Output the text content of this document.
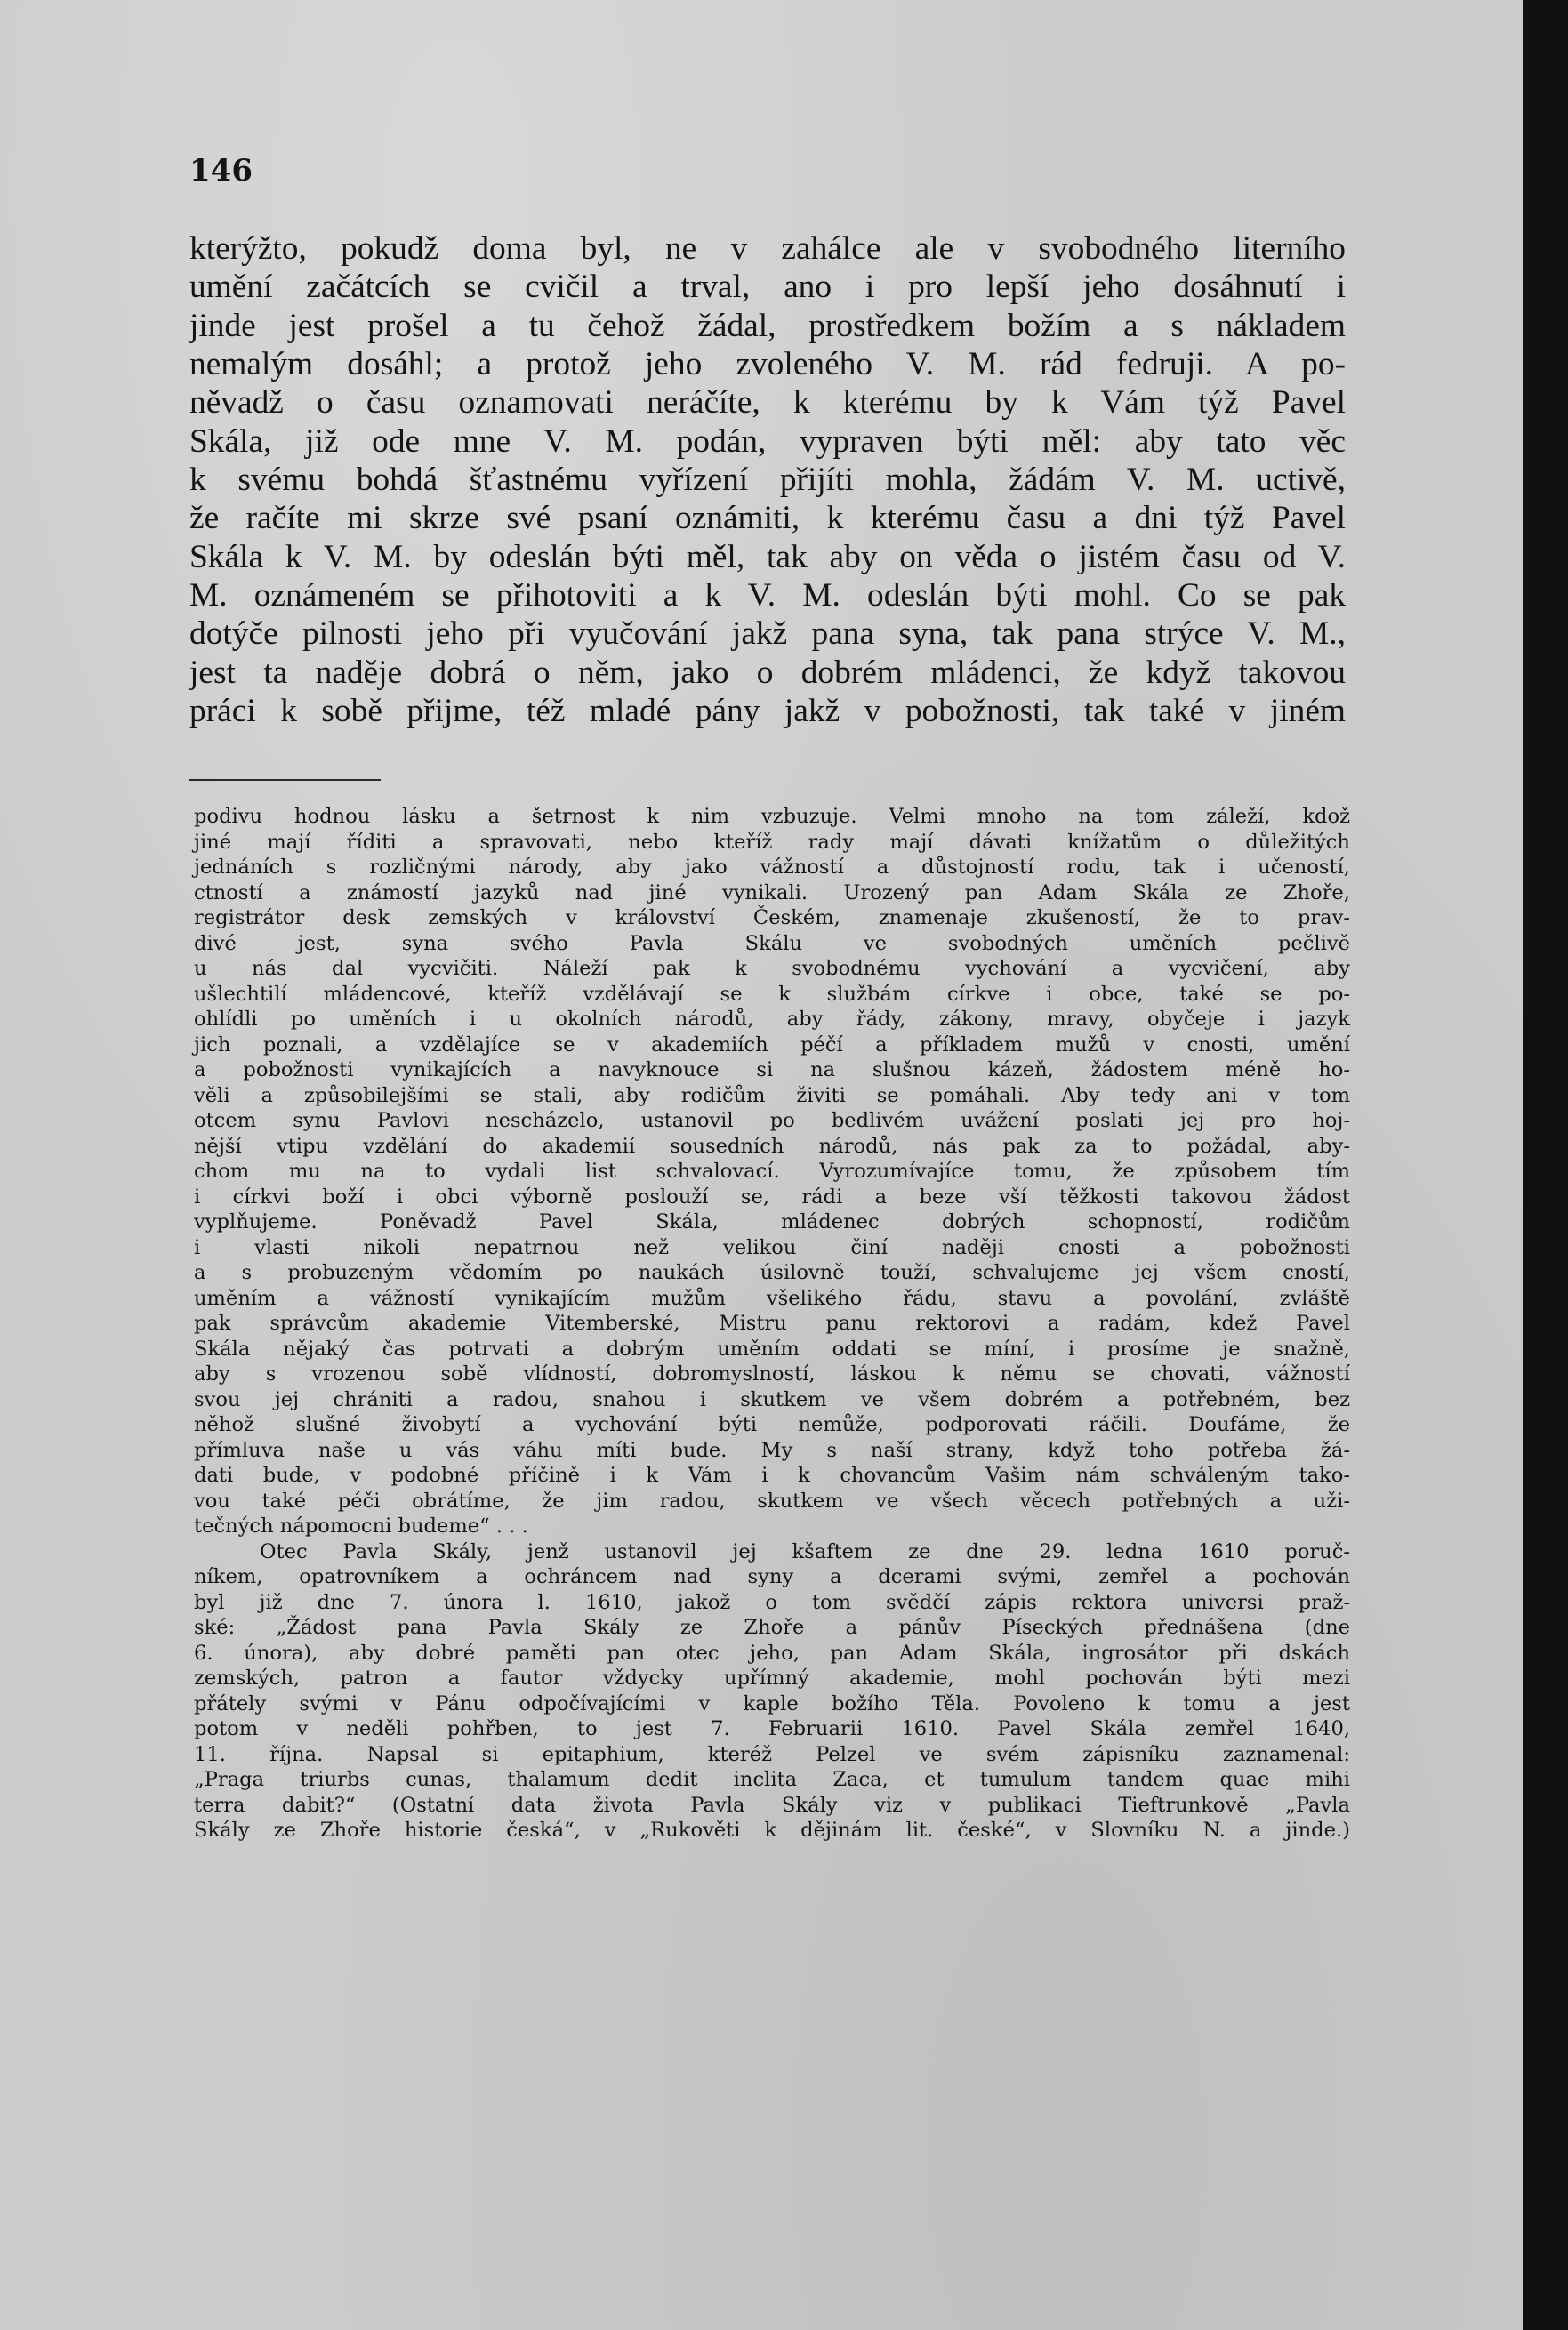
146
kterýžto, pokudž doma byl, ne v zahálce ale v svobodného literního
umění začátcích se cvičil a trval, ano i pro lepší jeho dosáhnutí i
jinde jest prošel a tu čehož žádal, prostředkem božím a s nákladem
nemalým dosáhl; a protož jeho zvoleného V. M. rád fedruji. A po-
něvadž o času oznamovati neráčíte, k kterému by k Vám týž Pavel
Skála, již ode mne V. M. podán, vypraven býti měl: aby tato věc
k svému bohdá šťastnému vyřízení přijíti mohla, žádám V. M. uctivě,
že račíte mi skrze své psaní oznámiti, k kterému času a dni týž Pavel
Skála k V. M. by odeslán býti měl, tak aby on věda o jistém času od V.
M. oznámeném se přihotoviti a k V. M. odeslán býti mohl. Co se pak
dotýče pilnosti jeho při vyučování jakž pana syna, tak pana strýce V. M.,
jest ta naděje dobrá o něm, jako o dobrém mládenci, že když takovou
práci k sobě přijme, též mladé pány jakž v pobožnosti, tak také v jiném
podivu hodnou lásku a šetrnost k nim vzbuzuje. Velmi mnoho na tom záleží, kdož
jiné mají říditi a spravovati, nebo kteříž rady mají dávati knížatům o důležitých
jednáních s rozličnými národy, aby jako vážností a důstojností rodu, tak i učeností,
ctností a známostí jazyků nad jiné vynikali. Urozený pan Adam Skála ze Zhoře,
registrátor desk zemských v království Českém, znamenaje zkušeností, že to prav-
divé jest, syna svého Pavla Skálu ve svobodných uměních pečlivě
u nás dal vycvičiti. Náleží pak k svobodnému vychování a vycvičení, aby
ušlechtilí mládencové, kteříž vzdělávají se k službám církve i obce, také se po-
ohlídli po uměních i u okolních národů, aby řády, zákony, mravy, obyčeje i jazyk
jich poznali, a vzdělajíce se v akademiích péčí a příkladem mužů v cnosti, umění
a pobožnosti vynikajících a navyknouce si na slušnou kázeň, žádostem méně ho-
věli a způsobilejšími se stali, aby rodičům živiti se pomáhali. Aby tedy ani v tom
otcem synu Pavlovi nescházelo, ustanovil po bedlivém uvážení poslati jej pro hoj-
nější vtipu vzdělání do akademií sousedních národů, nás pak za to požádal, aby-
chom mu na to vydali list schvalovací. Vyrozumívajíce tomu, že způsobem tím
i církvi boží i obci výborně poslouží se, rádi a beze vší těžkosti takovou žádost
vyplňujeme. Poněvadž Pavel Skála, mládenec dobrých schopností, rodičům
i vlasti nikoli nepatrnou než velikou činí naději cnosti a pobožnosti
a s probuzeným vědomím po naukách úsilovně touží, schvalujeme jej všem cností,
uměním a vážností vynikajícím mužům všelikého řádu, stavu a povolání, zvláště
pak správcům akademie Vitemberské, Mistru panu rektorovi a radám, kdež Pavel
Skála nějaký čas potrvati a dobrým uměním oddati se míní, i prosíme je snažně,
aby s vrozenou sobě vlídností, dobromyslností, láskou k němu se chovati, vážností
svou jej chrániti a radou, snahou i skutkem ve všem dobrém a potřebném, bez
něhož slušné živobytí a vychování býti nemůže, podporovati ráčili. Doufáme, že
přímluva naše u vás váhu míti bude. My s naší strany, když toho potřeba žá-
dati bude, v podobné příčině i k Vám i k chovancům Vašim nám schváleným tako-
vou také péči obrátíme, že jim radou, skutkem ve všech věcech potřebných a uži-
tečných nápomocni budeme“ . . .
Otec Pavla Skály, jenž ustanovil jej kšaftem ze dne 29. ledna 1610 poruč-
níkem, opatrovníkem a ochráncem nad syny a dcerami svými, zemřel a pochován
byl již dne 7. února l. 1610, jakož o tom svědčí zápis rektora universi praž-
ské: „Žádost pana Pavla Skály ze Zhoře a pánův Píseckých přednášena (dne
6. února), aby dobré paměti pan otec jeho, pan Adam Skála, ingrosátor při dskách
zemských, patron a fautor vždycky upřímný akademie, mohl pochován býti mezi
přátely svými v Pánu odpočívajícími v kaple božího Těla. Povoleno k tomu a jest
potom v neděli pohřben, to jest 7. Februarii 1610. Pavel Skála zemřel 1640,
11. října. Napsal si epitaphium, kteréž Pelzel ve svém zápisníku zaznamenal:
„Praga triurbs cunas, thalamum dedit inclita Zaca, et tumulum tandem quae mihi
terra dabit?“ (Ostatní data života Pavla Skály viz v publikaci Tieftrunkově „Pavla
Skály ze Zhoře historie česká“, v „Rukověti k dějinám lit. české“, v Slovníku N. a jinde.)
